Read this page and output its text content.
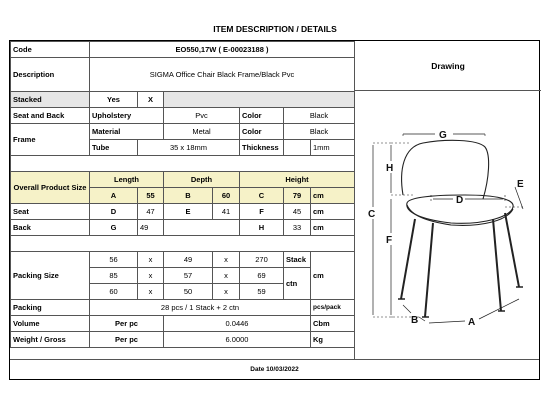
ITEM DESCRIPTION / DETAILS
Code	EO550,17W ( E-00023188 )						
Description	SIGMA Office Chair Black Frame/Black Pvc						
Stacked	Yes	X					
Seat and Back	Upholstery		Pvc		Color	Black	
Frame	Material		Metal		Color	Black	
	Tube	35 x 18mm			Thickness		1mm

Overall Product Size	Length		Depth		Height		
	A	55	B	60	C	79	cm
Seat	D	47	E	41	F	45	cm
Back	G	49			H	33	cm

Packing Size	56	x	49	x	270	Stack	cm
	85	x	57	x	69	ctn	
	60	x	50	x	59		
Packing	28 pcs / 1 Stack + 2 ctn						pcs/pack
Volume	Per pc		0.0446				Cbm
Weight / Gross	Per pc		6.0000				Kg
Drawing
G
H
C
F
D
E
B	A
Date 10/03/2022
